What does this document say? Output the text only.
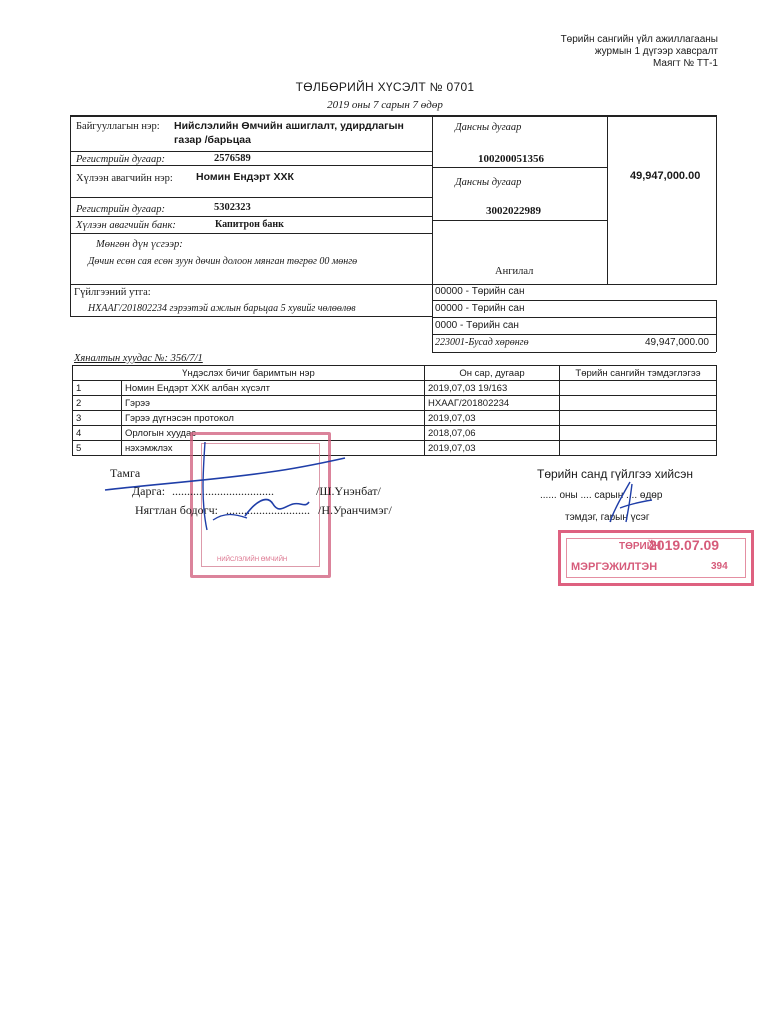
Төрийн сангийн үйл ажиллагааны
журмын 1 дүгээр хавсралт
Маягт № ТТ-1
ТӨЛБӨРИЙН ХҮСЭЛТ № 0701
2019 оны 7 сарын 7 өдөр
Байгууллагын нэр: Нийслэлийн Өмчийн ашиглалт, удирдлагын
газар /барьцаа
Регистрийн дугаар:	2576589
Дансны дугаар
100200051356
Хүлээн авагчийн нэр: Номин Ендэрт ХХК	Дансны дугаар
Регистрийн дугаар:	5302323	3002022989
Хүлээн авагчийн банк:	Капитрон банк
49,947,000.00
Мөнгөн дүн үсгээр:
Дөчин есөн сая есөн зуун дөчин долоон мянган төгрөг 00 мөнгө
Ангилал
Гүйлгээний утга:
НХААГ/201802234 гэрээтэй ажлын барьцаа 5 хувийг чөлөөлөв
00000 - Төрийн сан
00000 - Төрийн сан
0000 - Төрийн сан
223001-Бусад хөрөнгө	49,947,000.00
Хяналтын хуудас №: 356/7/1
Үндэслэх бичиг баримтын нэр		Он сар, дугаар	Төрийн сангийн тэмдэглэгээ
1	Номин Ендэрт ХХК албан хүсэлт	2019,07,03 19/163	
2	Гэрээ	НХААГ/201802234	
3	Гэрээ дүгнэсэн протокол	2019,07,03	
4	Орлогын хуудас	2018,07,06	
5	нэхэмжлэх	2019,07,03	
НИЙСЛЭЛИЙН ӨМЧИЙН
Тамга
Дарга: ..................................	/Ш.Үнэнбат/
Нягтлан бодогч: ............................ /Н.Уранчимэг/
Төрийн санд гүйлгээ хийсэн
...... оны .... сарын .... өдөр
тэмдэг, гарын үсэг
ТӨРИЙН
2019.07.09
МЭРГЭЖИЛТЭН	394
